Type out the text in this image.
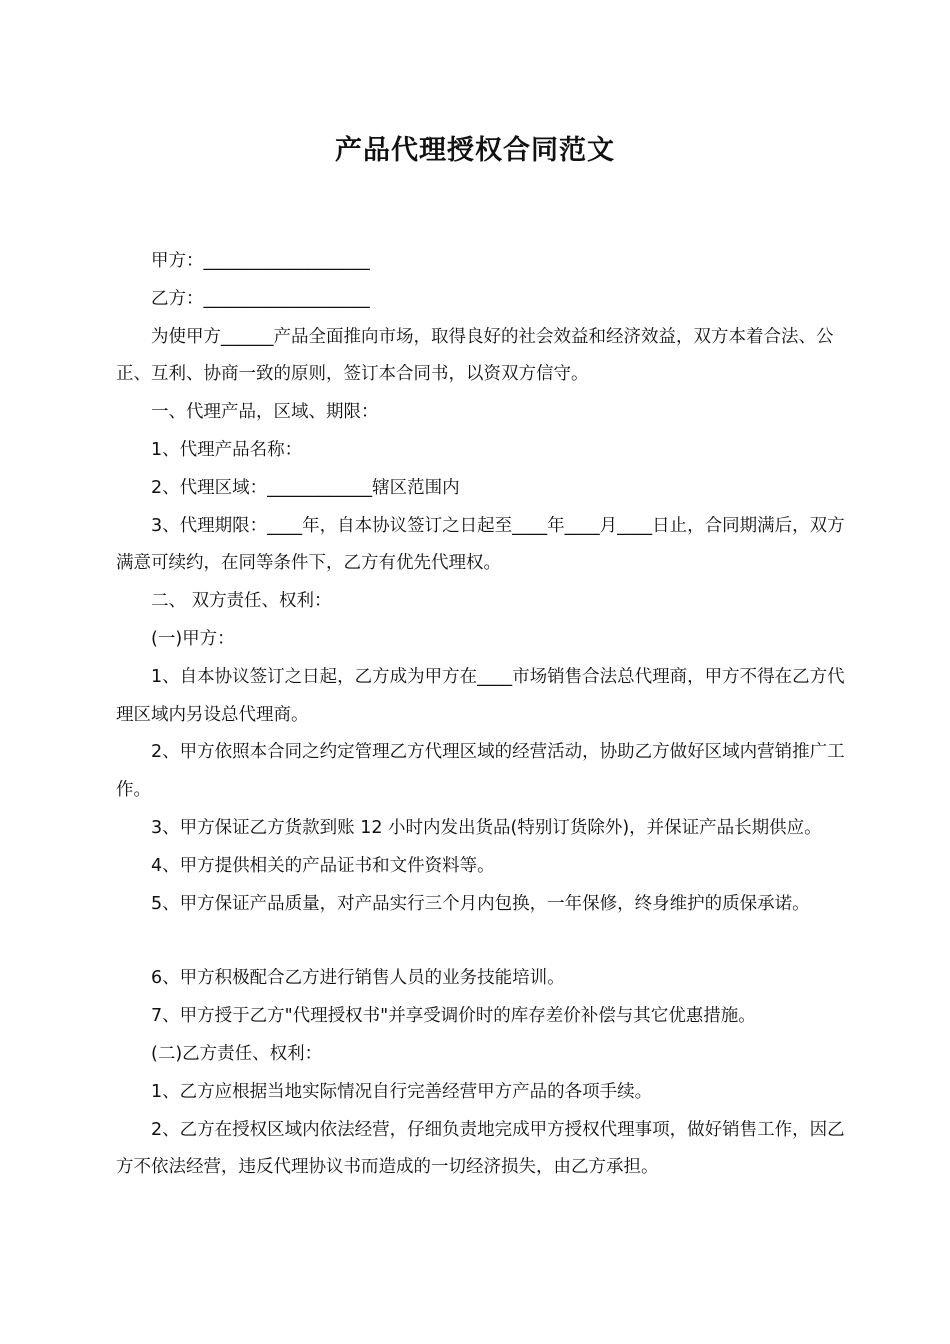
产品代理授权合同范文

甲方：___________________

乙方：___________________

为使甲方______产品全面推向市场，取得良好的社会效益和经济效益，双方本着合法、公正、互利、协商一致的原则，签订本合同书，以资双方信守。

一、代理产品，区域、期限：

1、代理产品名称：

2、代理区域：____________辖区范围内

3、代理期限：____年，自本协议签订之日起至____年____月____日止，合同期满后，双方满意可续约，在同等条件下，乙方有优先代理权。

二、 双方责任、权利：

(一)甲方：

1、自本协议签订之日起，乙方成为甲方在____市场销售合法总代理商，甲方不得在乙方代理区域内另设总代理商。

2、甲方依照本合同之约定管理乙方代理区域的经营活动，协助乙方做好区域内营销推广工作。

3、甲方保证乙方货款到账 12 小时内发出货品(特别订货除外)，并保证产品长期供应。

4、甲方提供相关的产品证书和文件资料等。

5、甲方保证产品质量，对产品实行三个月内包换，一年保修，终身维护的质保承诺。

6、甲方积极配合乙方进行销售人员的业务技能培训。

7、甲方授于乙方"代理授权书"并享受调价时的库存差价补偿与其它优惠措施。

(二)乙方责任、权利：

1、乙方应根据当地实际情况自行完善经营甲方产品的各项手续。

2、乙方在授权区域内依法经营，仔细负责地完成甲方授权代理事项，做好销售工作，因乙方不依法经营，违反代理协议书而造成的一切经济损失，由乙方承担。
